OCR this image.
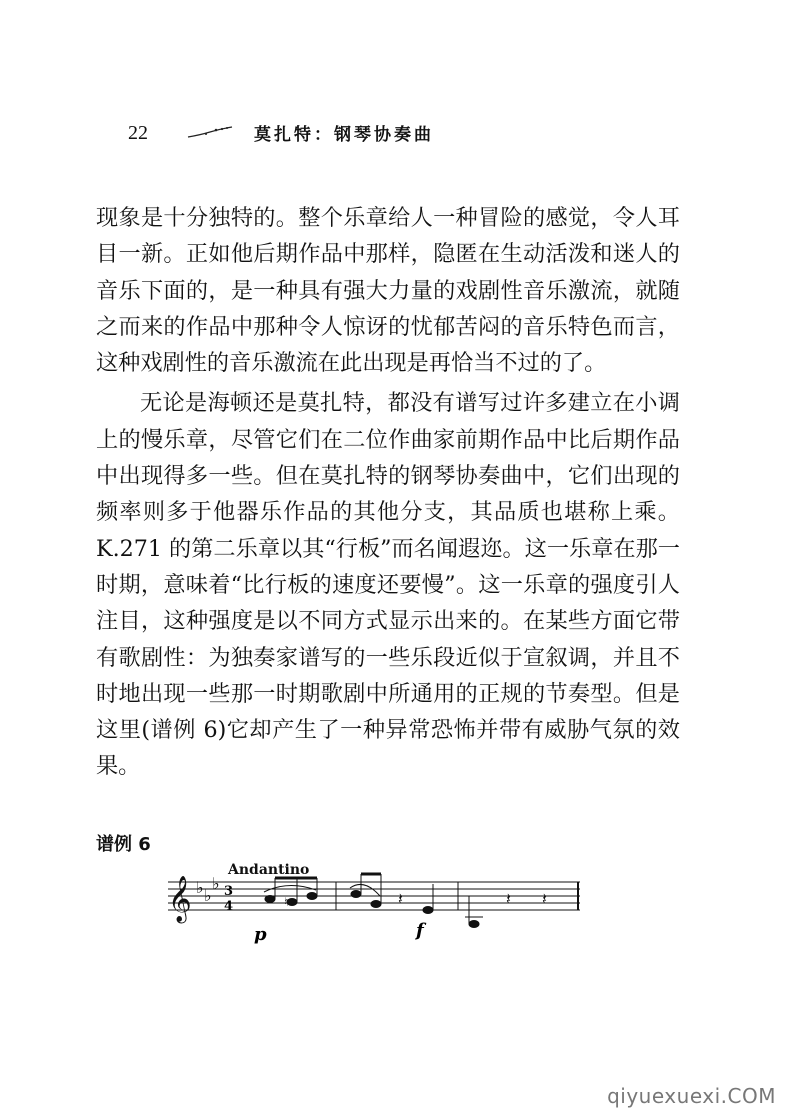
22	莫扎特：钢琴协奏曲

现象是十分独特的。整个乐章给人一种冒险的感觉，令人耳目一新。正如他后期作品中那样，隐匿在生动活泼和迷人的音乐下面的，是一种具有强大力量的戏剧性音乐激流，就随之而来的作品中那种令人惊讶的忧郁苦闷的音乐特色而言，这种戏剧性的音乐激流在此出现是再恰当不过的了。

无论是海顿还是莫扎特，都没有谱写过许多建立在小调上的慢乐章，尽管它们在二位作曲家前期作品中比后期作品中出现得多一些。但在莫扎特的钢琴协奏曲中，它们出现的频率则多于他器乐作品的其他分支，其品质也堪称上乘。K.271 的第二乐章以其“行板”而名闻遐迩。这一乐章在那一时期，意味着“比行板的速度还要慢”。这一乐章的强度引人注目，这种强度是以不同方式显示出来的。在某些方面它带有歌剧性：为独奏家谱写的一些乐段近似于宣叙调，并且不时地出现一些那一时期歌剧中所通用的正规的节奏型。但是这里(谱例 6)它却产生了一种异常恐怖并带有威胁气氛的效果。

谱例 6
Andantino
𝄞 ♭ ♭
♭ 3
4	♮	𝄽	𝄽 𝄽
p	f
qiyuexuexi.COM
